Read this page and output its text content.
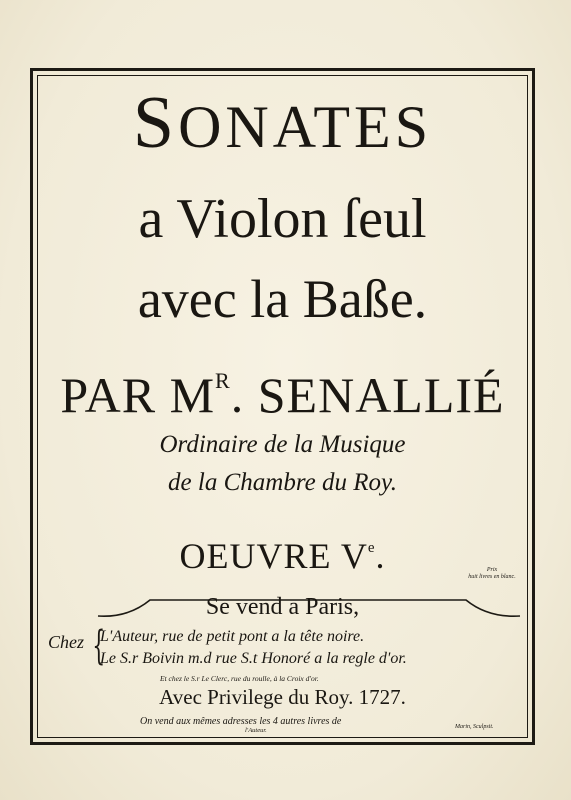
SONATES
a Violon ſeul
avec la Baße.
PAR $M^R$. SENALLIE
Ordinaire de la Musique
de la Chambre du Roy.
OEUVRE Ve.	Prix
huit livres en blanc.
Se vend a Paris,
Chez {
L'Auteur, rue de petit pont a la tête noire.
Le S.r Boivin m.d rue S.t Honoré a la regle d'or.
Et chez le S.r Le Clerc, rue du roulle, à la Croix d'or.
Avec Privilege du Roy. 1727.
On vend aux mêmes adresses les 4 autres livres de
l'Auteur.	Marin, Sculpsit.
